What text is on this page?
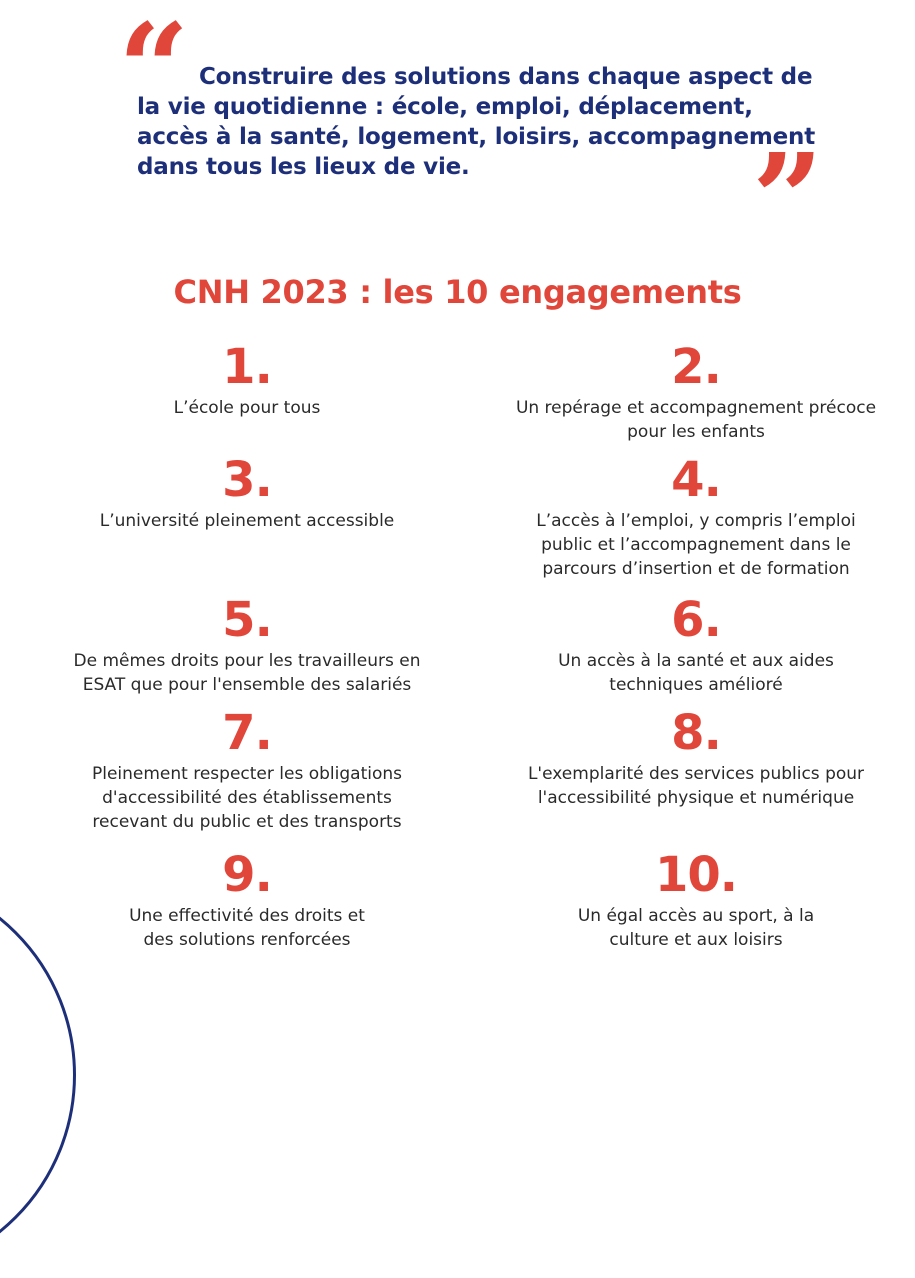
“ Construire des solutions dans chaque aspect de la vie quotidienne : école, emploi, déplacement, accès à la santé, logement, loisirs, accompagnement dans tous les lieux de vie.	”
CNH 2023 : les 10 engagements
1.
L’école pour tous
2.
Un repérage et accompagnement précoce pour les enfants
3.
L’université pleinement accessible
4.
L’accès à l’emploi, y compris l’emploi public et l’accompagnement dans le parcours d’insertion et de formation
5.
De mêmes droits pour les travailleurs en ESAT que pour l'ensemble des salariés
6.
Un accès à la santé et aux aides techniques amélioré
7.
Pleinement respecter les obligations d'accessibilité des établissements recevant du public et des transports
8.
L'exemplarité des services publics pour l'accessibilité physique et numérique
9.
Une effectivité des droits et des solutions renforcées
10.
Un égal accès au sport, à la culture et aux loisirs
